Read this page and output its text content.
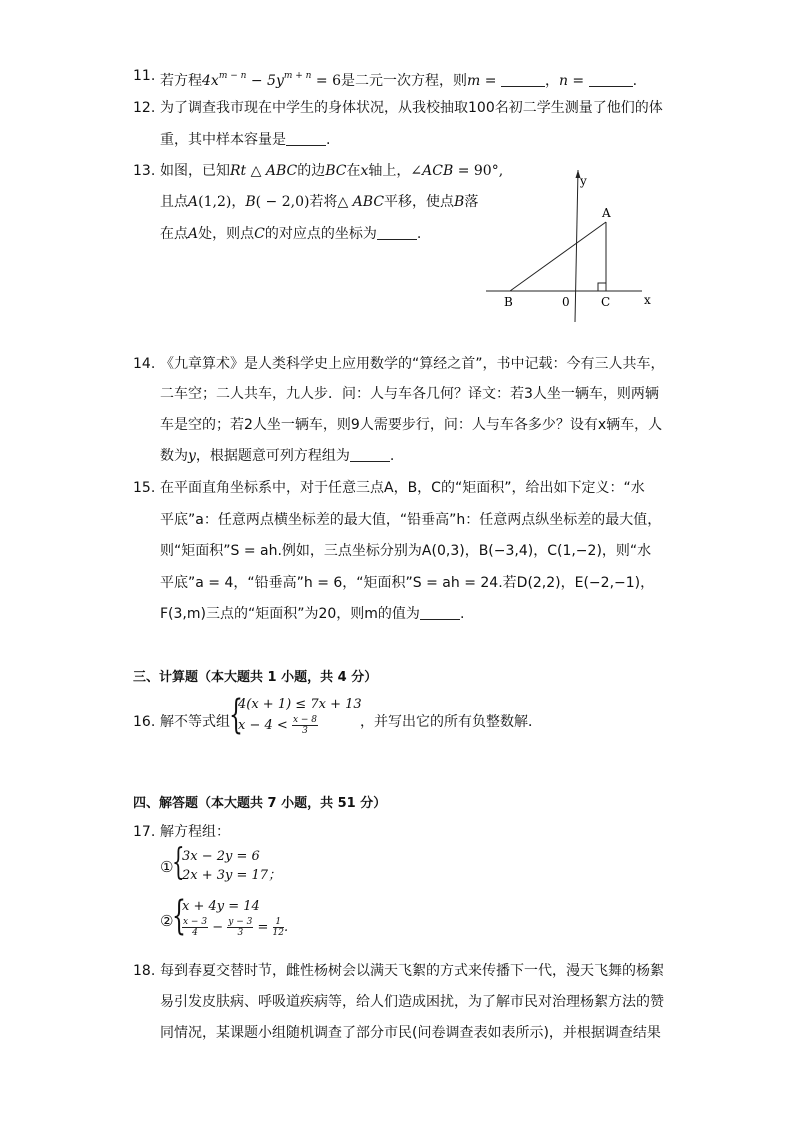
11. 若方程$4x^{m - n} - 5y^{m + n} = 6$是二元一次方程，则m =	，n =	.
12. 为了调查我市现在中学生的身体状况，从我校抽取100名初二学生测量了他们的体
重，其中样本容量是	.
13. 如图，已知Rt △ ABC的边BC在x轴上，∠ACB = 90°,
且点A(1,2)，B( − 2,0)若将△ ABC平移，使点B落
在点A处，则点C的对应点的坐标为	.
y
x
A
B	C
0
14. 《九章算术》是人类科学史上应用数学的“算经之首”，书中记载：今有三人共车，
二车空；二人共车，九人步．问：人与车各几何？译文：若3人坐一辆车，则两辆
车是空的；若2人坐一辆车，则9人需要步行，问：人与车各多少？设有x辆车，人
数为y，根据题意可列方程组为	.
15. 在平面直角坐标系中，对于任意三点A，B，C的“矩面积”，给出如下定义：“水
平底”a：任意两点横坐标差的最大值，“铅垂高”h：任意两点纵坐标差的最大值，
则“矩面积”S = ah.例如，三点坐标分别为A(0,3)，B(−3,4)，C(1,−2)，则“水
平底”a = 4，“铅垂高”h = 6，“矩面积”S = ah = 24.若D(2,2)，E(−2,−1)，
F(3,m)三点的“矩面积”为20，则m的值为	.
三、计算题（本大题共 1 小题，共 4 分）
16. 解不等式组	，并写出它的所有负整数解．
{
4(x + 1) ≤ 7x + 13
$x - 4 < \frac{x - 8}{3}$
四、解答题（本大题共 7 小题，共 51 分）
17. 解方程组：
①
{
3x − 2y = 6
2x + 3y = 17；
②
{
x + 4y = 14
$\frac{x - 3}{4} - \frac{y - 3}{3} = \frac{1}{12}$ .
18. 每到春夏交替时节，雌性杨树会以满天飞絮的方式来传播下一代，漫天飞舞的杨絮
易引发皮肤病、呼吸道疾病等，给人们造成困扰，为了解市民对治理杨絮方法的赞
同情况，某课题小组随机调查了部分市民(问卷调查表如表所示)，并根据调查结果
